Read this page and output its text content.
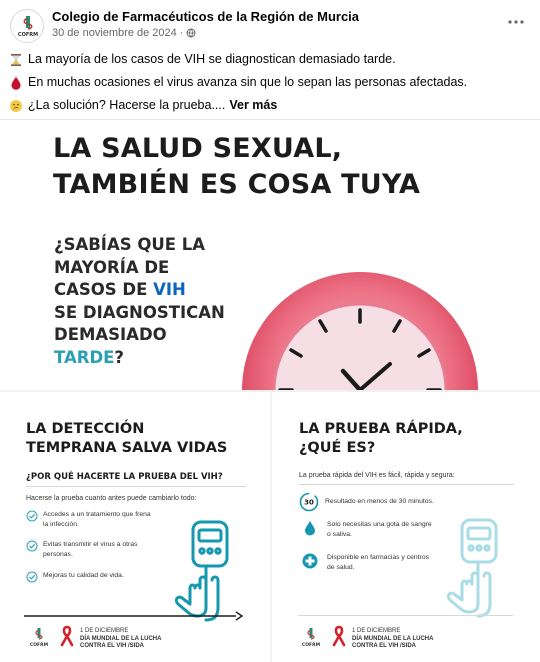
COFRM
Colegio de Farmacéuticos de la Región de Murcia
30 de noviembre de 2024 ·
La mayoría de los casos de VIH se diagnostican demasiado tarde.
En muchas ocasiones el virus avanza sin que lo sepan las personas afectadas.
¿La solución? Hacerse la prueba.... Ver más
LA SALUD SEXUAL,
TAMBIÉN ES COSA TUYA
¿SABÍAS QUE LA
MAYORÍA DE
CASOS DE VIH
SE DIAGNOSTICAN
DEMASIADO
TARDE?
LA DETECCIÓN
TEMPRANA SALVA VIDAS
¿POR QUÉ HACERTE LA PRUEBA DEL VIH?
Hacerse la prueba cuanto antes puede cambiarlo todo:
Accedes a un tratamiento que frena
la infección.
Evitas transmitir el virus a otras
personas.
Mejoras tu calidad de vida.
COFRM
1 DE DICIEMBRE
DÍA MUNDIAL DE LA LUCHA
CONTRA EL VIH /SIDA
LA PRUEBA RÁPIDA,
¿QUÉ ES?
La prueba rápida del VIH es fácil, rápida y segura:
30 Resultado en menos de 30 minutos.
Solo necesitas una gota de sangre
o saliva.
Disponible en farmacias y centros
de salud.
COFRM
1 DE DICIEMBRE
DÍA MUNDIAL DE LA LUCHA
CONTRA EL VIH /SIDA
